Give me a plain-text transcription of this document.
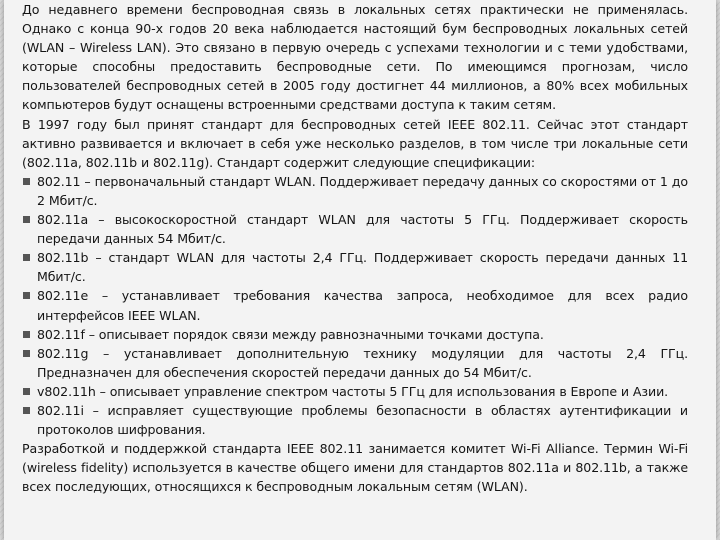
До недавнего времени беспроводная связь в локальных сетях практически не применялась. Однако с конца 90-х годов 20 века наблюдается настоящий бум беспроводных локальных сетей (WLAN – Wireless LAN). Это связано в первую очередь с успехами технологии и с теми удобствами, которые способны предоставить беспроводные сети. По имеющимся прогнозам, число пользователей беспроводных сетей в 2005 году достигнет 44 миллионов, а 80% всех мобильных компьютеров будут оснащены встроенными средствами доступа к таким сетям.

В 1997 году был принят стандарт для беспроводных сетей IEEE 802.11. Сейчас этот стандарт активно развивается и включает в себя уже несколько разделов, в том числе три локальные сети (802.11a, 802.11b и 802.11g). Стандарт содержит следующие спецификации:

802.11 – первоначальный стандарт WLAN. Поддерживает передачу данных со скоростями от 1 до 2 Мбит/с.
802.11a – высокоскоростной стандарт WLAN для частоты 5 ГГц. Поддерживает скорость передачи данных 54 Мбит/с.
802.11b – стандарт WLAN для частоты 2,4 ГГц. Поддерживает скорость передачи данных 11 Мбит/с.
802.11e – устанавливает требования качества запроса, необходимое для всех радио интерфейсов IEEE WLAN.
802.11f – описывает порядок связи между равнозначными точками доступа.
802.11g – устанавливает дополнительную технику модуляции для частоты 2,4 ГГц. Предназначен для обеспечения скоростей передачи данных до 54 Мбит/с.
v802.11h – описывает управление спектром частоты 5 ГГц для использования в Европе и Азии.
802.11i – исправляет существующие проблемы безопасности в областях аутентификации и протоколов шифрования.

Разработкой и поддержкой стандарта IEEE 802.11 занимается комитет Wi-Fi Alliance. Термин Wi-Fi (wireless fidelity) используется в качестве общего имени для стандартов 802.11a и 802.11b, а также всех последующих, относящихся к беспроводным локальным сетям (WLAN).
